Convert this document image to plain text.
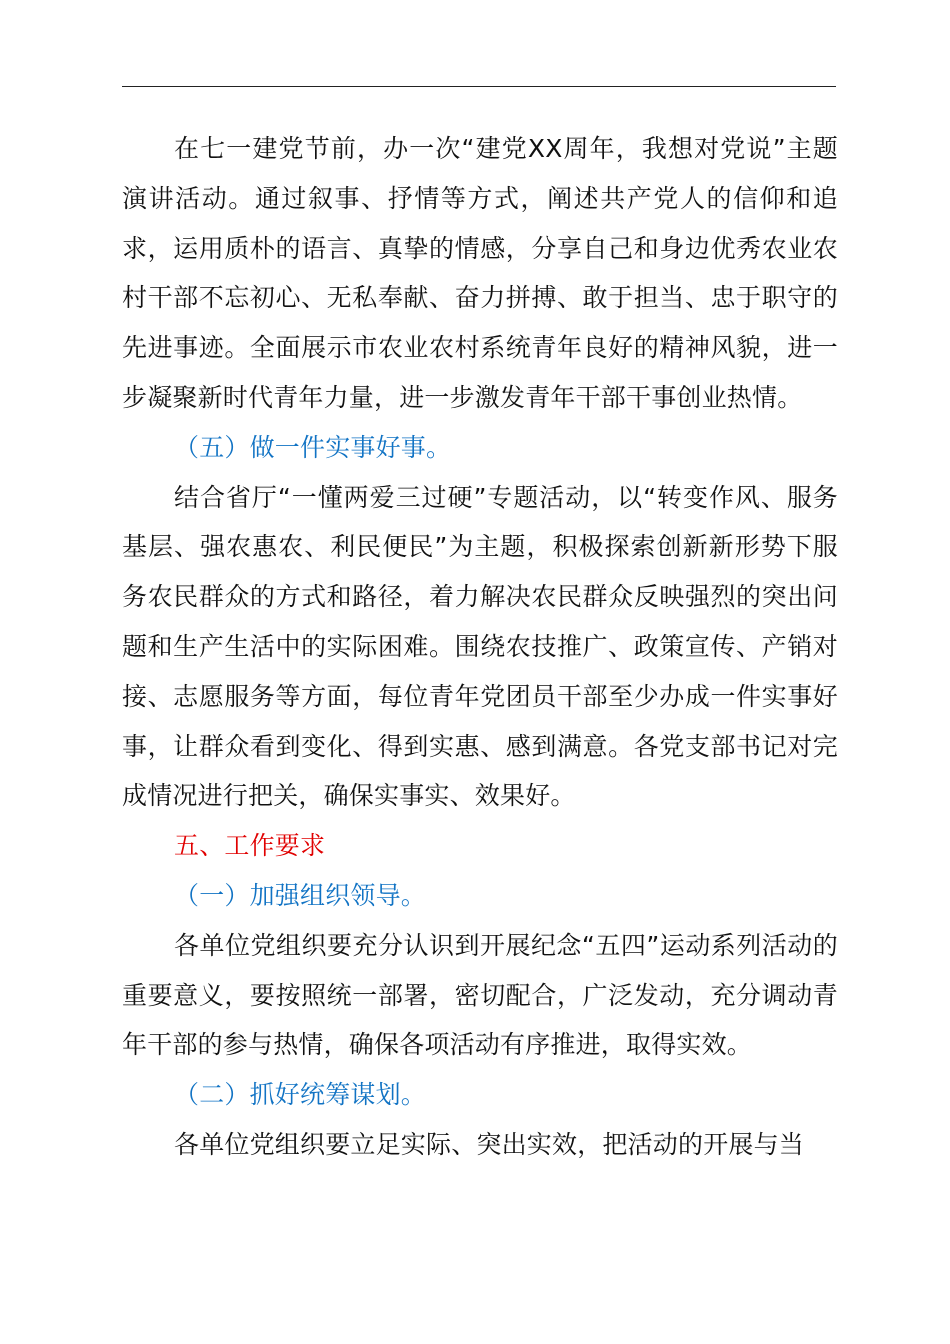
在七一建党节前，办一次“建党XX周年，我想对党说”主题演讲活动。通过叙事、抒情等方式，阐述共产党人的信仰和追求，运用质朴的语言、真挚的情感，分享自己和身边优秀农业农村干部不忘初心、无私奉献、奋力拼搏、敢于担当、忠于职守的先进事迹。全面展示市农业农村系统青年良好的精神风貌，进一步凝聚新时代青年力量，进一步激发青年干部干事创业热情。

（五）做一件实事好事。

结合省厅“一懂两爱三过硬”专题活动，以“转变作风、服务基层、强农惠农、利民便民”为主题，积极探索创新新形势下服务农民群众的方式和路径，着力解决农民群众反映强烈的突出问题和生产生活中的实际困难。围绕农技推广、政策宣传、产销对接、志愿服务等方面，每位青年党团员干部至少办成一件实事好事，让群众看到变化、得到实惠、感到满意。各党支部书记对完成情况进行把关，确保实事实、效果好。

五、工作要求

（一）加强组织领导。

各单位党组织要充分认识到开展纪念“五四”运动系列活动的重要意义，要按照统一部署，密切配合，广泛发动，充分调动青年干部的参与热情，确保各项活动有序推进，取得实效。

（二）抓好统筹谋划。

各单位党组织要立足实际、突出实效，把活动的开展与当
